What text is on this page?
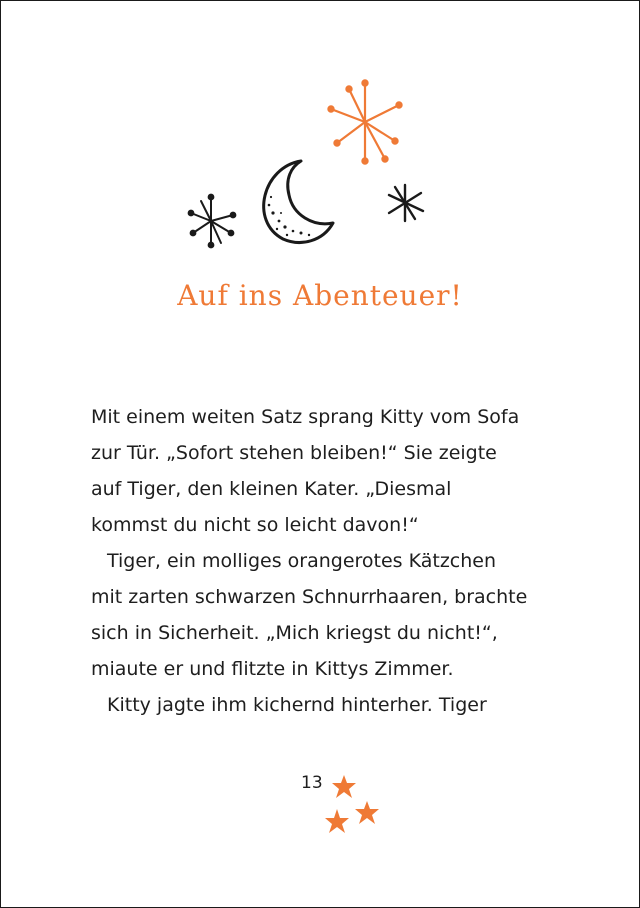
Auf ins Abenteuer!

Mit einem weiten Satz sprang Kitty vom Sofa
zur Tür. „Sofort stehen bleiben!“ Sie zeigte
auf Tiger, den kleinen Kater. „Diesmal
kommst du nicht so leicht davon!“
Tiger, ein molliges orangerotes Kätzchen
mit zarten schwarzen Schnurrhaaren, brachte
sich in Sicherheit. „Mich kriegst du nicht!“,
miaute er und flitzte in Kittys Zimmer.
Kitty jagte ihm kichernd hinterher. Tiger

13
